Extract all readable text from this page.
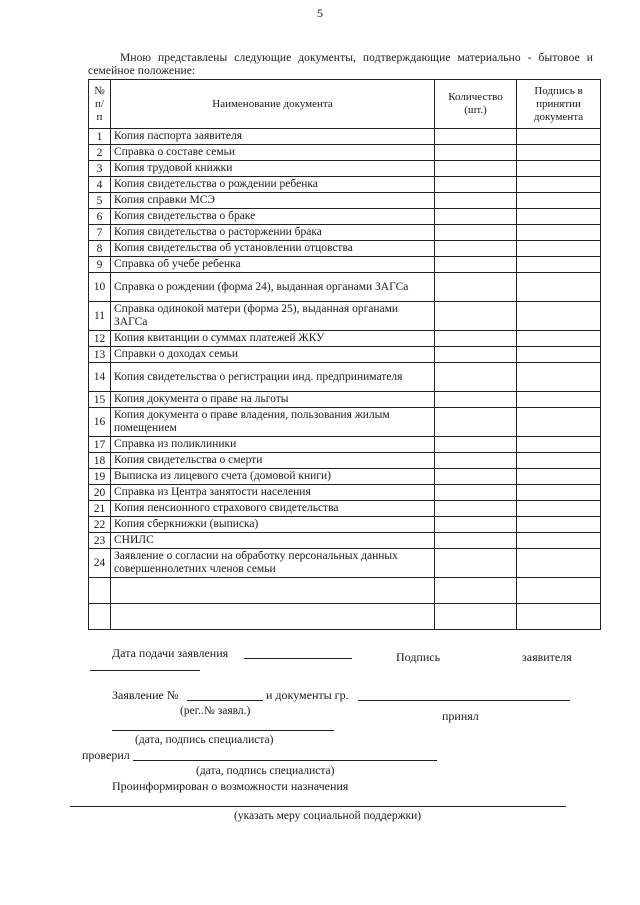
5
Мною представлены следующие документы, подтверждающие материально - бытовое и семейное положение:
№ п/ п	Наименование документа	Количество (шт.)	Подпись в принятии документа
1	Копия паспорта заявителя		
2	Справка о составе семьи		
3	Копия трудовой книжки		
4	Копия свидетельства о рождении ребенка		
5	Копия справки МСЭ		
6	Копия свидетельства о браке		
7	Копия свидетельства о расторжении брака		
8	Копия свидетельства об установлении отцовства		
9	Справка об учебе ребенка		
10	Справка о рождении (форма 24), выданная органами ЗАГСа		
11	Справка одинокой матери (форма 25), выданная органами ЗАГСа		
12	Копия квитанции о суммах платежей ЖКУ		
13	Справки о доходах семьи		
14	Копия свидетельства о регистрации инд. предпринимателя		
15	Копия документа о праве на льготы		
16	Копия документа о праве владения, пользования жилым помещением		
17	Справка из поликлиники		
18	Копия свидетельства о смерти		
19	Выписка из лицевого счета (домовой книги)		
20	Справка из Центра занятости населения		
21	Копия пенсионного страхового свидетельства		
22	Копия сберкнижки (выписка)		
23	СНИЛС		
24	Заявление о согласии на обработку персональных данных совершеннолетних членов семьи		

Дата подачи заявления	Подпись	заявителя
Заявление №	и документы гр.
(рег..№ заявл.)	принял
(дата, подпись специалиста)
проверил
(дата, подпись специалиста)
Проинформирован о возможности назначения
(указать меру социальной поддержки)
